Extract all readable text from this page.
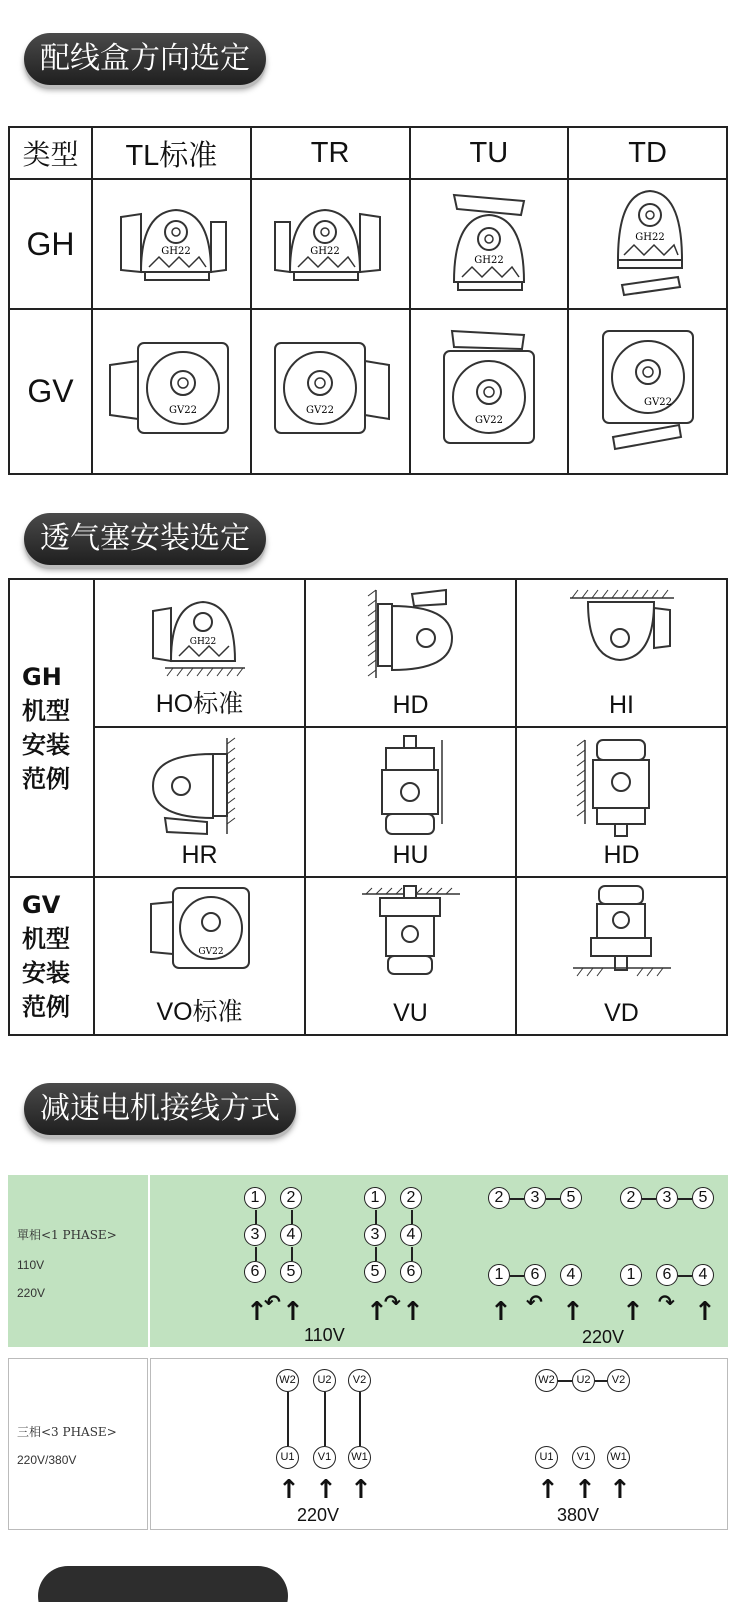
配线盒方向选定
类型	TL标准	TR	TU	TD
GH	GH22	GH22	GH22	GH22

GV	GV22	GV22	GV22	GV22
透气塞安装选定
GH
机型
安装
范例	GH22
HO标准	HD	HI

	HR	HU	HD

GV
机型
安装
范例	GV22
VO标准	VU	VD
减速电机接线方式
單相<1 PHASE>
110V
220V
1	2
3	4
6	5
↑
↶ ↑
1	2
3	4
5	6
↑
↷ ↑
110V
2	3	5
1	6	4
↑ ↶ ↑
2	3	5
1	6	4
↑ ↷ ↑
220V
三相<3 PHASE>
220V/380V
W2	U2	V2
U1	V1	W1
↑ ↑ ↑
220V
W2	U2	V2
U1	V1	W1
↑ ↑ ↑
380V
